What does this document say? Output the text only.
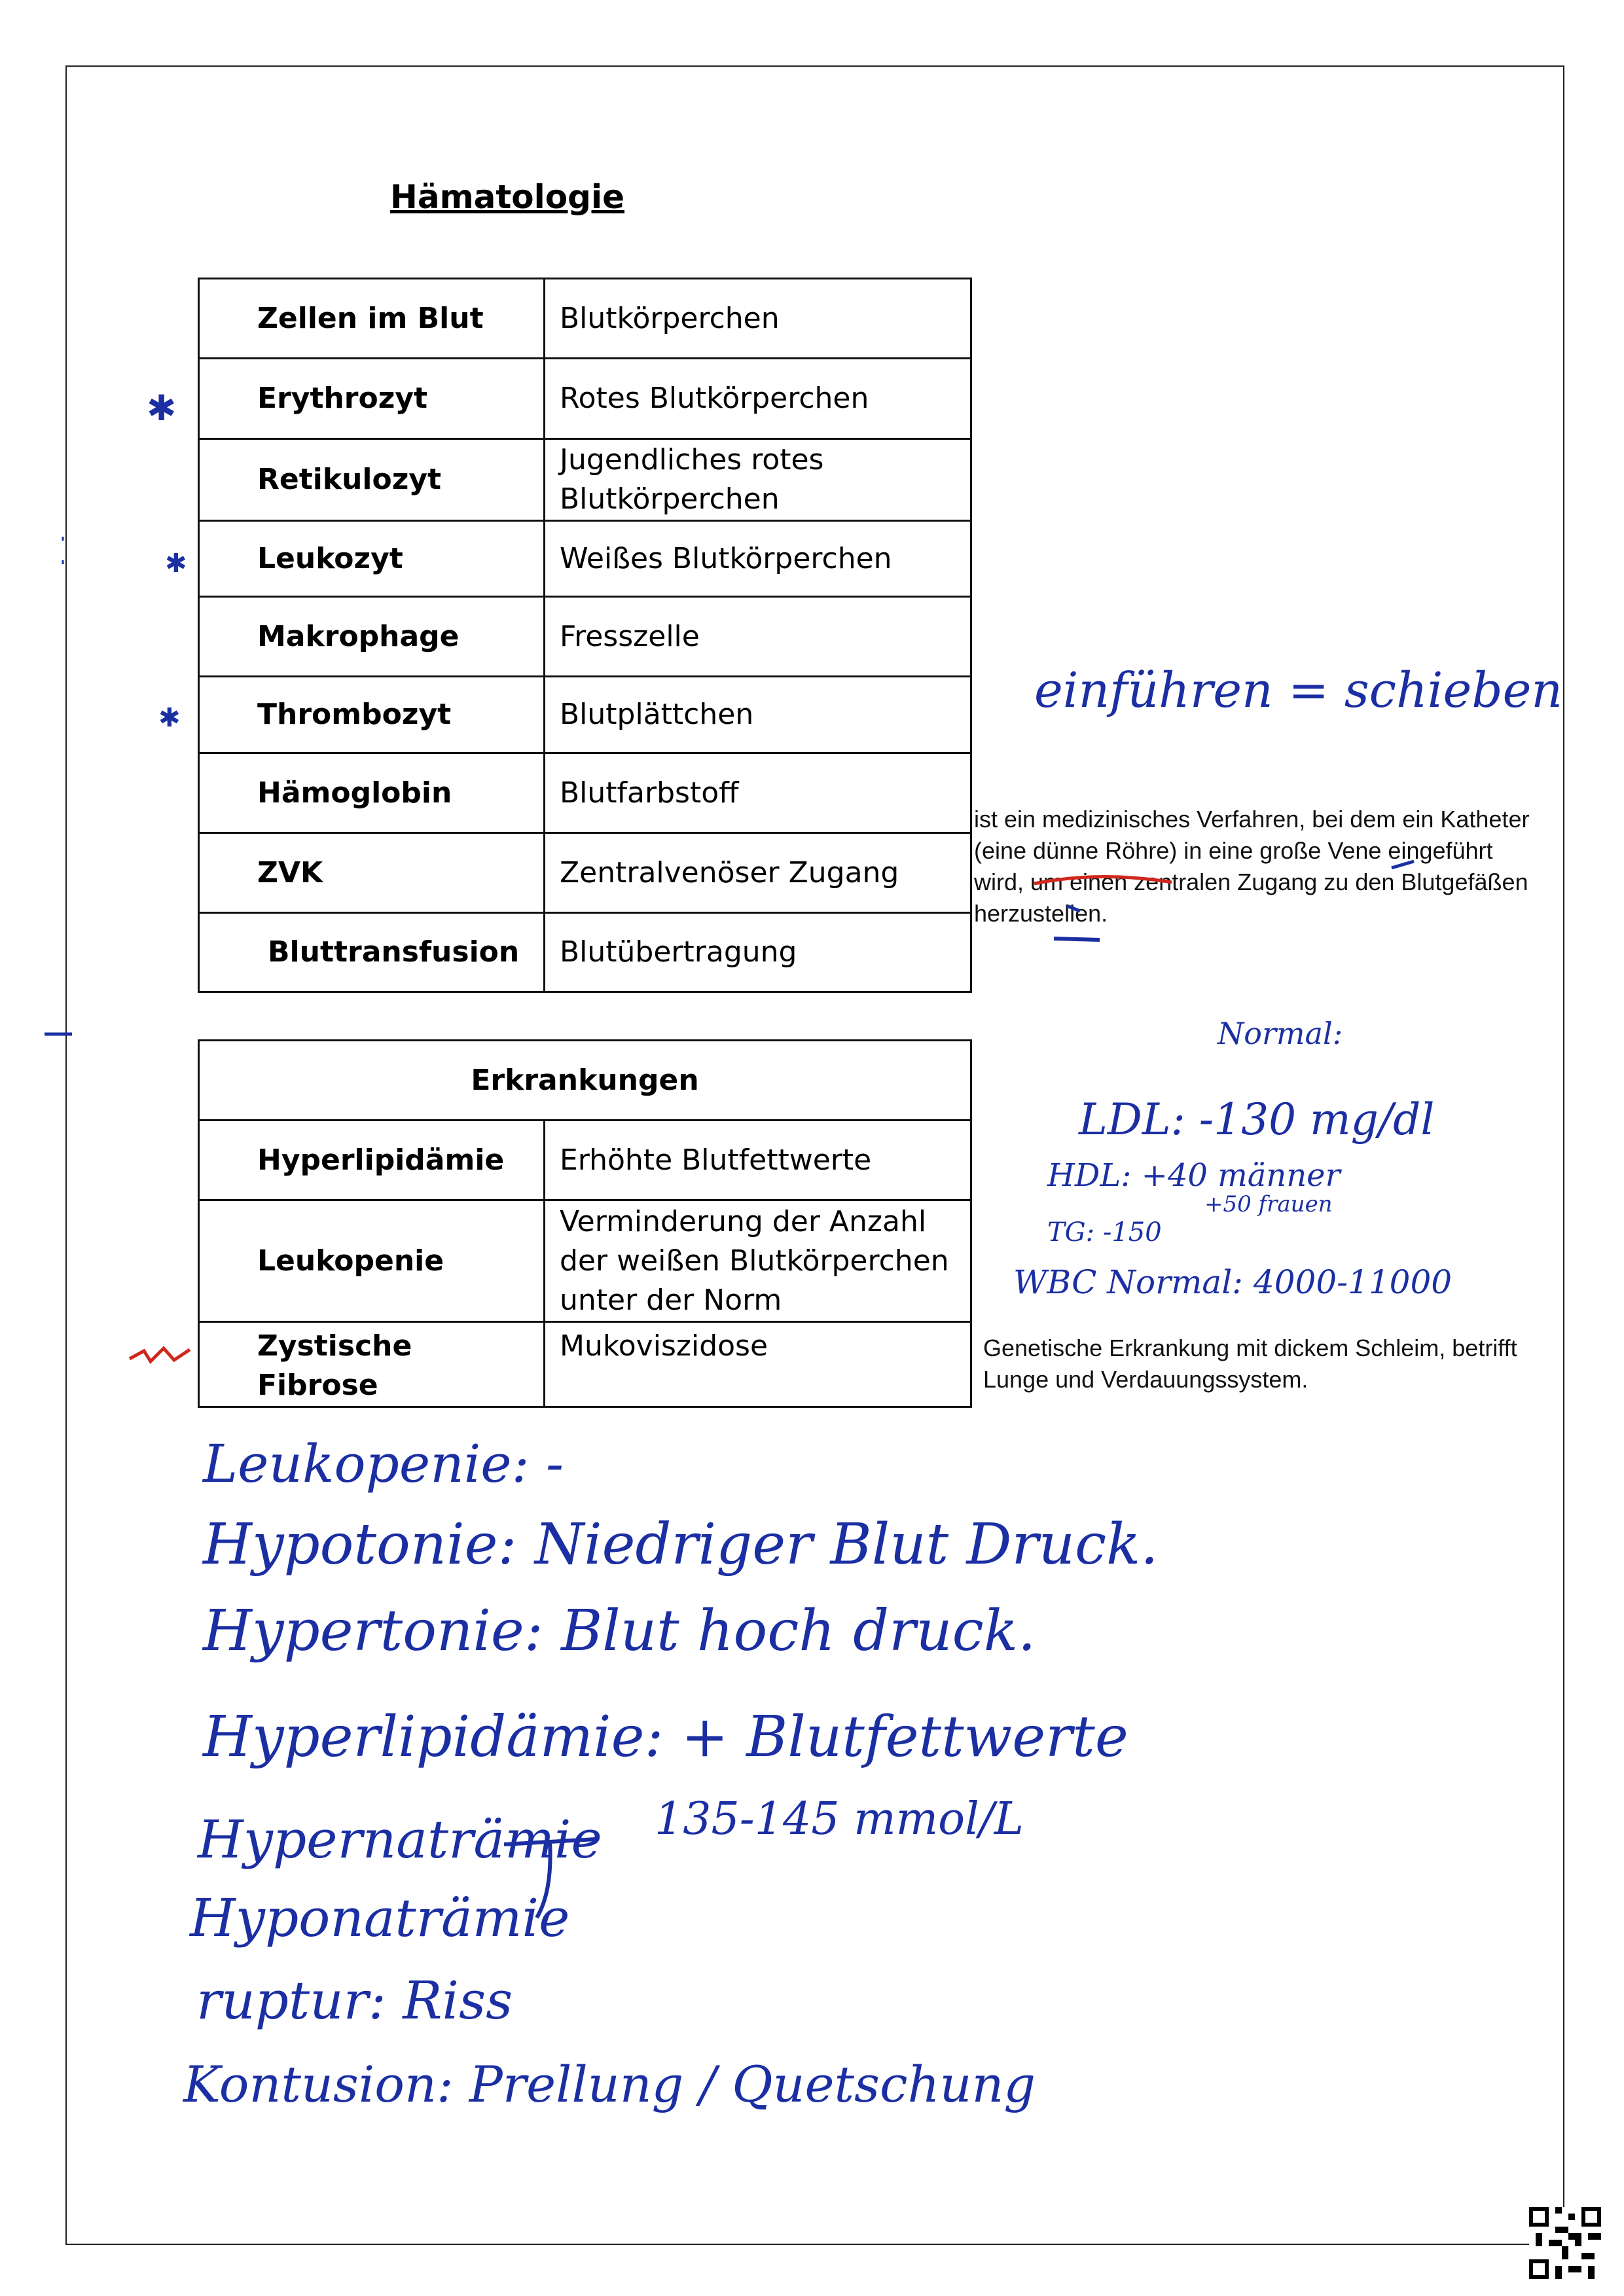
Hämatologie
Zellen im Blut	Blutkörperchen
Erythrozyt	Rotes Blutkörperchen
Retikulozyt	Jugendliches rotes Blutkörperchen
Leukozyt	Weißes Blutkörperchen
Makrophage	Fresszelle
Thrombozyt	Blutplättchen
Hämoglobin	Blutfarbstoff
ZVK	Zentralvenöser Zugang
Bluttransfusion	Blutübertragung
Erkrankungen	
Hyperlipidämie	Erhöhte Blutfettwerte
Leukopenie	Verminderung der Anzahl der weißen Blutkörperchen unter der Norm
Zystische Fibrose	Mukoviszidose
ist ein medizinisches Verfahren, bei dem ein Katheter (eine dünne Röhre) in eine große Vene eingeführt wird, um einen zentralen Zugang zu den Blutgefäßen herzustellen.
Genetische Erkrankung mit dickem Schleim, betrifft Lunge und Verdauungssystem.
✱
✱
✱	einführen = schieben
Normal:
LDL: -130 mg/dl
HDL: +40 männer
+50 frauen
TG: -150
WBC Normal: 4000-11000
Leukopenie: -
Hypotonie: Niedriger Blut Druck.
Hypertonie: Blut hoch druck.
Hyperlipidämie: + Blutfettwerte
Hypernaträmie 135-145 mmol/L
Hyponaträmie
ruptur: Riss
Kontusion: Prellung / Quetschung
